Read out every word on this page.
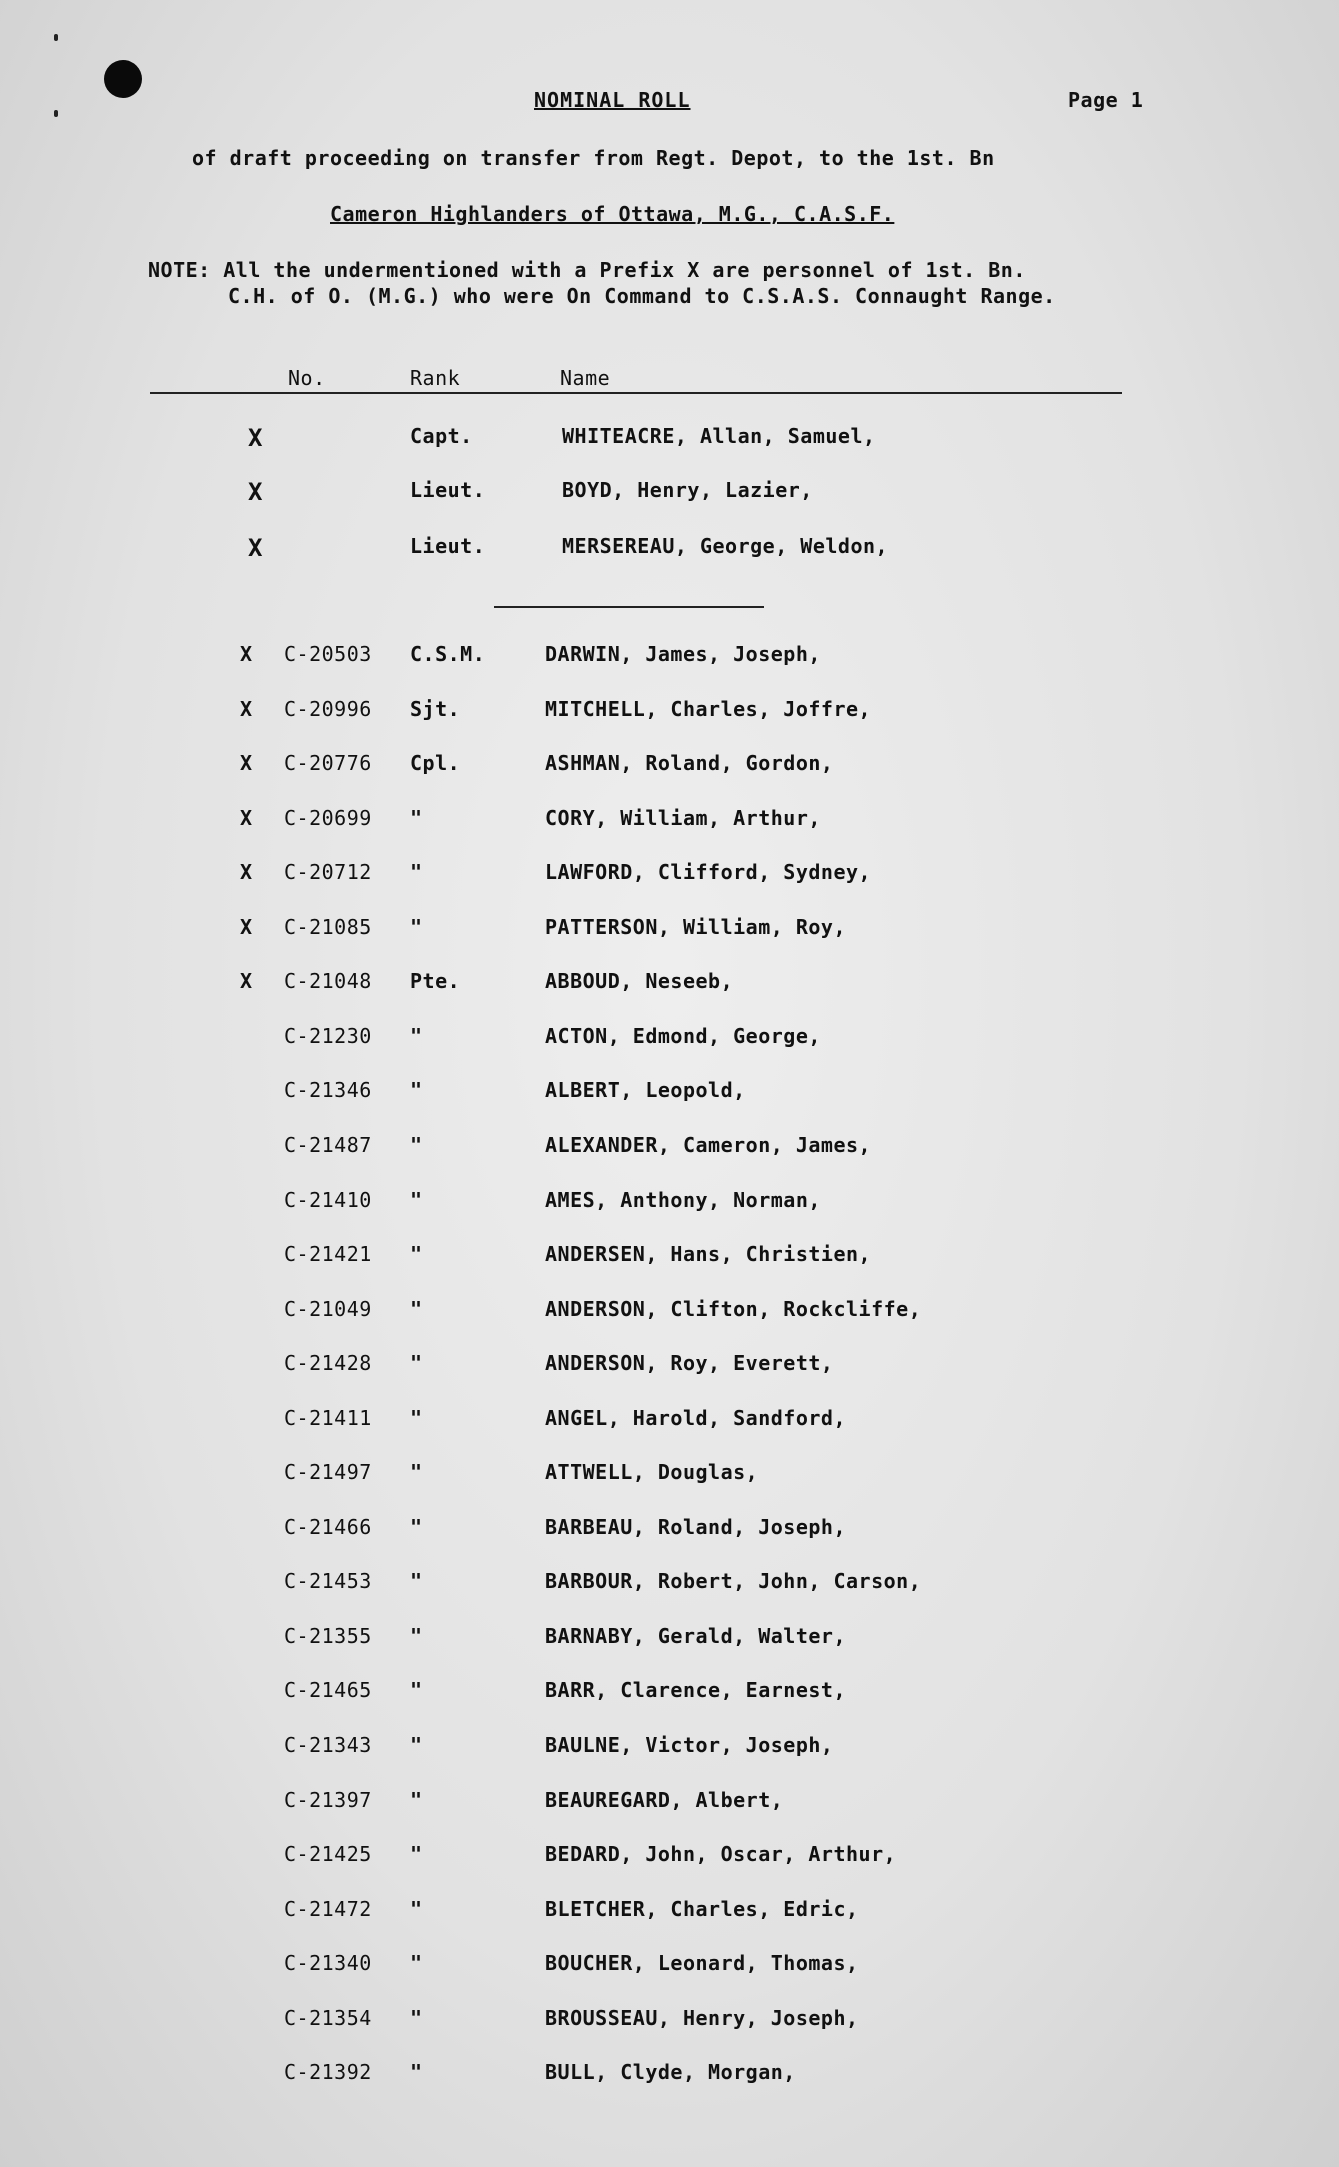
NOMINAL ROLL	Page 1
of draft proceeding on transfer from Regt. Depot, to the 1st. Bn
Cameron Highlanders of Ottawa, M.G., C.A.S.F.
NOTE: All the undermentioned with a Prefix X are personnel of 1st. Bn.
C.H. of O. (M.G.) who were On Command to C.S.A.S. Connaught Range.
No.	Rank	Name
X	Capt.	WHITEACRE, Allan, Samuel,
X	Lieut.	BOYD, Henry, Lazier,
X	Lieut.	MERSEREAU, George, Weldon,
X C-20503 C.S.M.	DARWIN, James, Joseph,
X C-20996 Sjt.	MITCHELL, Charles, Joffre,
X C-20776 Cpl.	ASHMAN, Roland, Gordon,
X C-20699 "	CORY, William, Arthur,
X C-20712 "	LAWFORD, Clifford, Sydney,
X C-21085 "	PATTERSON, William, Roy,
X C-21048 Pte.	ABBOUD, Neseeb,
C-21230 "	ACTON, Edmond, George,
C-21346 "	ALBERT, Leopold,
C-21487 "	ALEXANDER, Cameron, James,
C-21410 "	AMES, Anthony, Norman,
C-21421 "	ANDERSEN, Hans, Christien,
C-21049 "	ANDERSON, Clifton, Rockcliffe,
C-21428 "	ANDERSON, Roy, Everett,
C-21411 "	ANGEL, Harold, Sandford,
C-21497 "	ATTWELL, Douglas,
C-21466 "	BARBEAU, Roland, Joseph,
C-21453 "	BARBOUR, Robert, John, Carson,
C-21355 "	BARNABY, Gerald, Walter,
C-21465 "	BARR, Clarence, Earnest,
C-21343 "	BAULNE, Victor, Joseph,
C-21397 "	BEAUREGARD, Albert,
C-21425 "	BEDARD, John, Oscar, Arthur,
C-21472 "	BLETCHER, Charles, Edric,
C-21340 "	BOUCHER, Leonard, Thomas,
C-21354 "	BROUSSEAU, Henry, Joseph,
C-21392 "	BULL, Clyde, Morgan,
